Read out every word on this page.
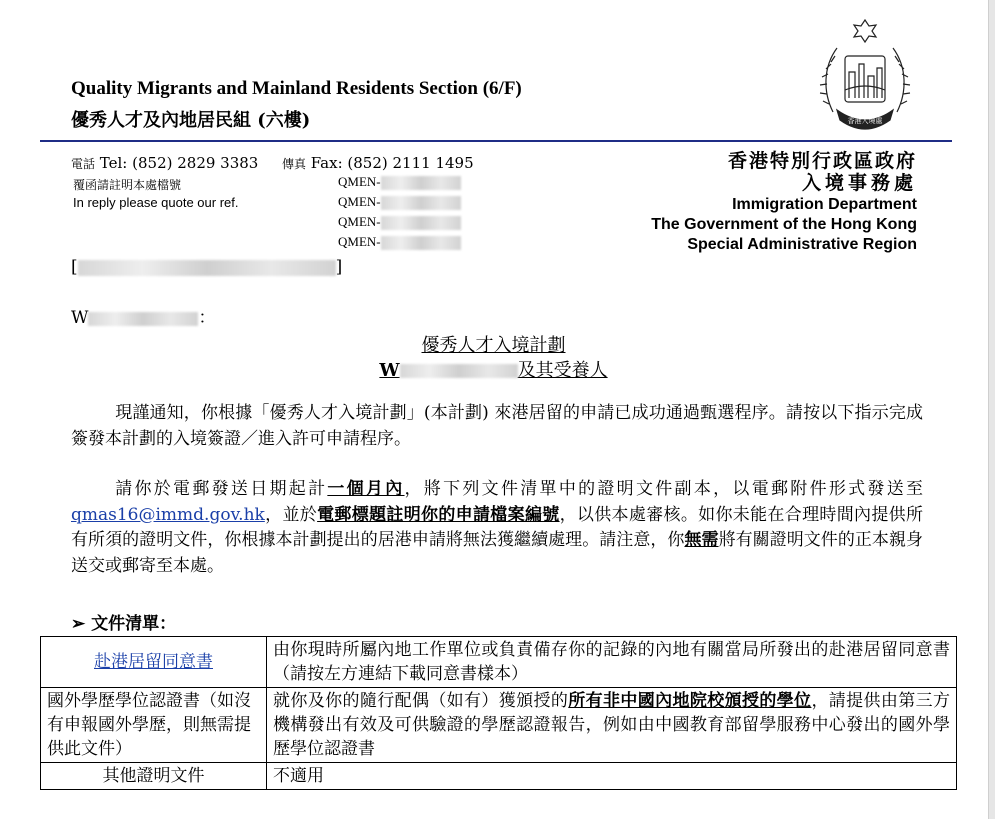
Quality Migrants and Mainland Residents Section (6/F)
優秀人才及內地居民組 (六樓)	香港入境處
電話 Tel: (852) 2829 3383 傳真 Fax: (852) 2111 1495
覆函請註明本處檔號
In reply please quote our ref.
QMEN-
QMEN-
QMEN-
QMEN-
香港特別行政區政府
入境事務處
Immigration Department
The Government of the Hong Kong
Special Administrative Region
[	]
W	：
優秀人才入境計劃
W	及其受養人
現謹通知，你根據「優秀人才入境計劃」(本計劃) 來港居留的申請已成功通過甄選程序。請按以下指示完成簽發本計劃的入境簽證／進入許可申請程序。
請你於電郵發送日期起計一個月內，將下列文件清單中的證明文件副本，以電郵附件形式發送至 qmas16@immd.gov.hk，並於電郵標題註明你的申請檔案編號，以供本處審核。如你未能在合理時間內提供所有所須的證明文件，你根據本計劃提出的居港申請將無法獲繼續處理。請注意，你無需將有關證明文件的正本親身送交或郵寄至本處。
➢ 文件清單：
赴港居留同意書	由你現時所屬內地工作單位或負責備存你的記錄的內地有關當局所發出的赴港居留同意書（請按左方連結下載同意書樣本）
國外學歷學位認證書（如沒有申報國外學歷，則無需提供此文件）	就你及你的隨行配偶（如有）獲頒授的所有非中國內地院校頒授的學位，請提供由第三方機構發出有效及可供驗證的學歷認證報告，例如由中國教育部留學服務中心發出的國外學歷學位認證書
其他證明文件	不適用
